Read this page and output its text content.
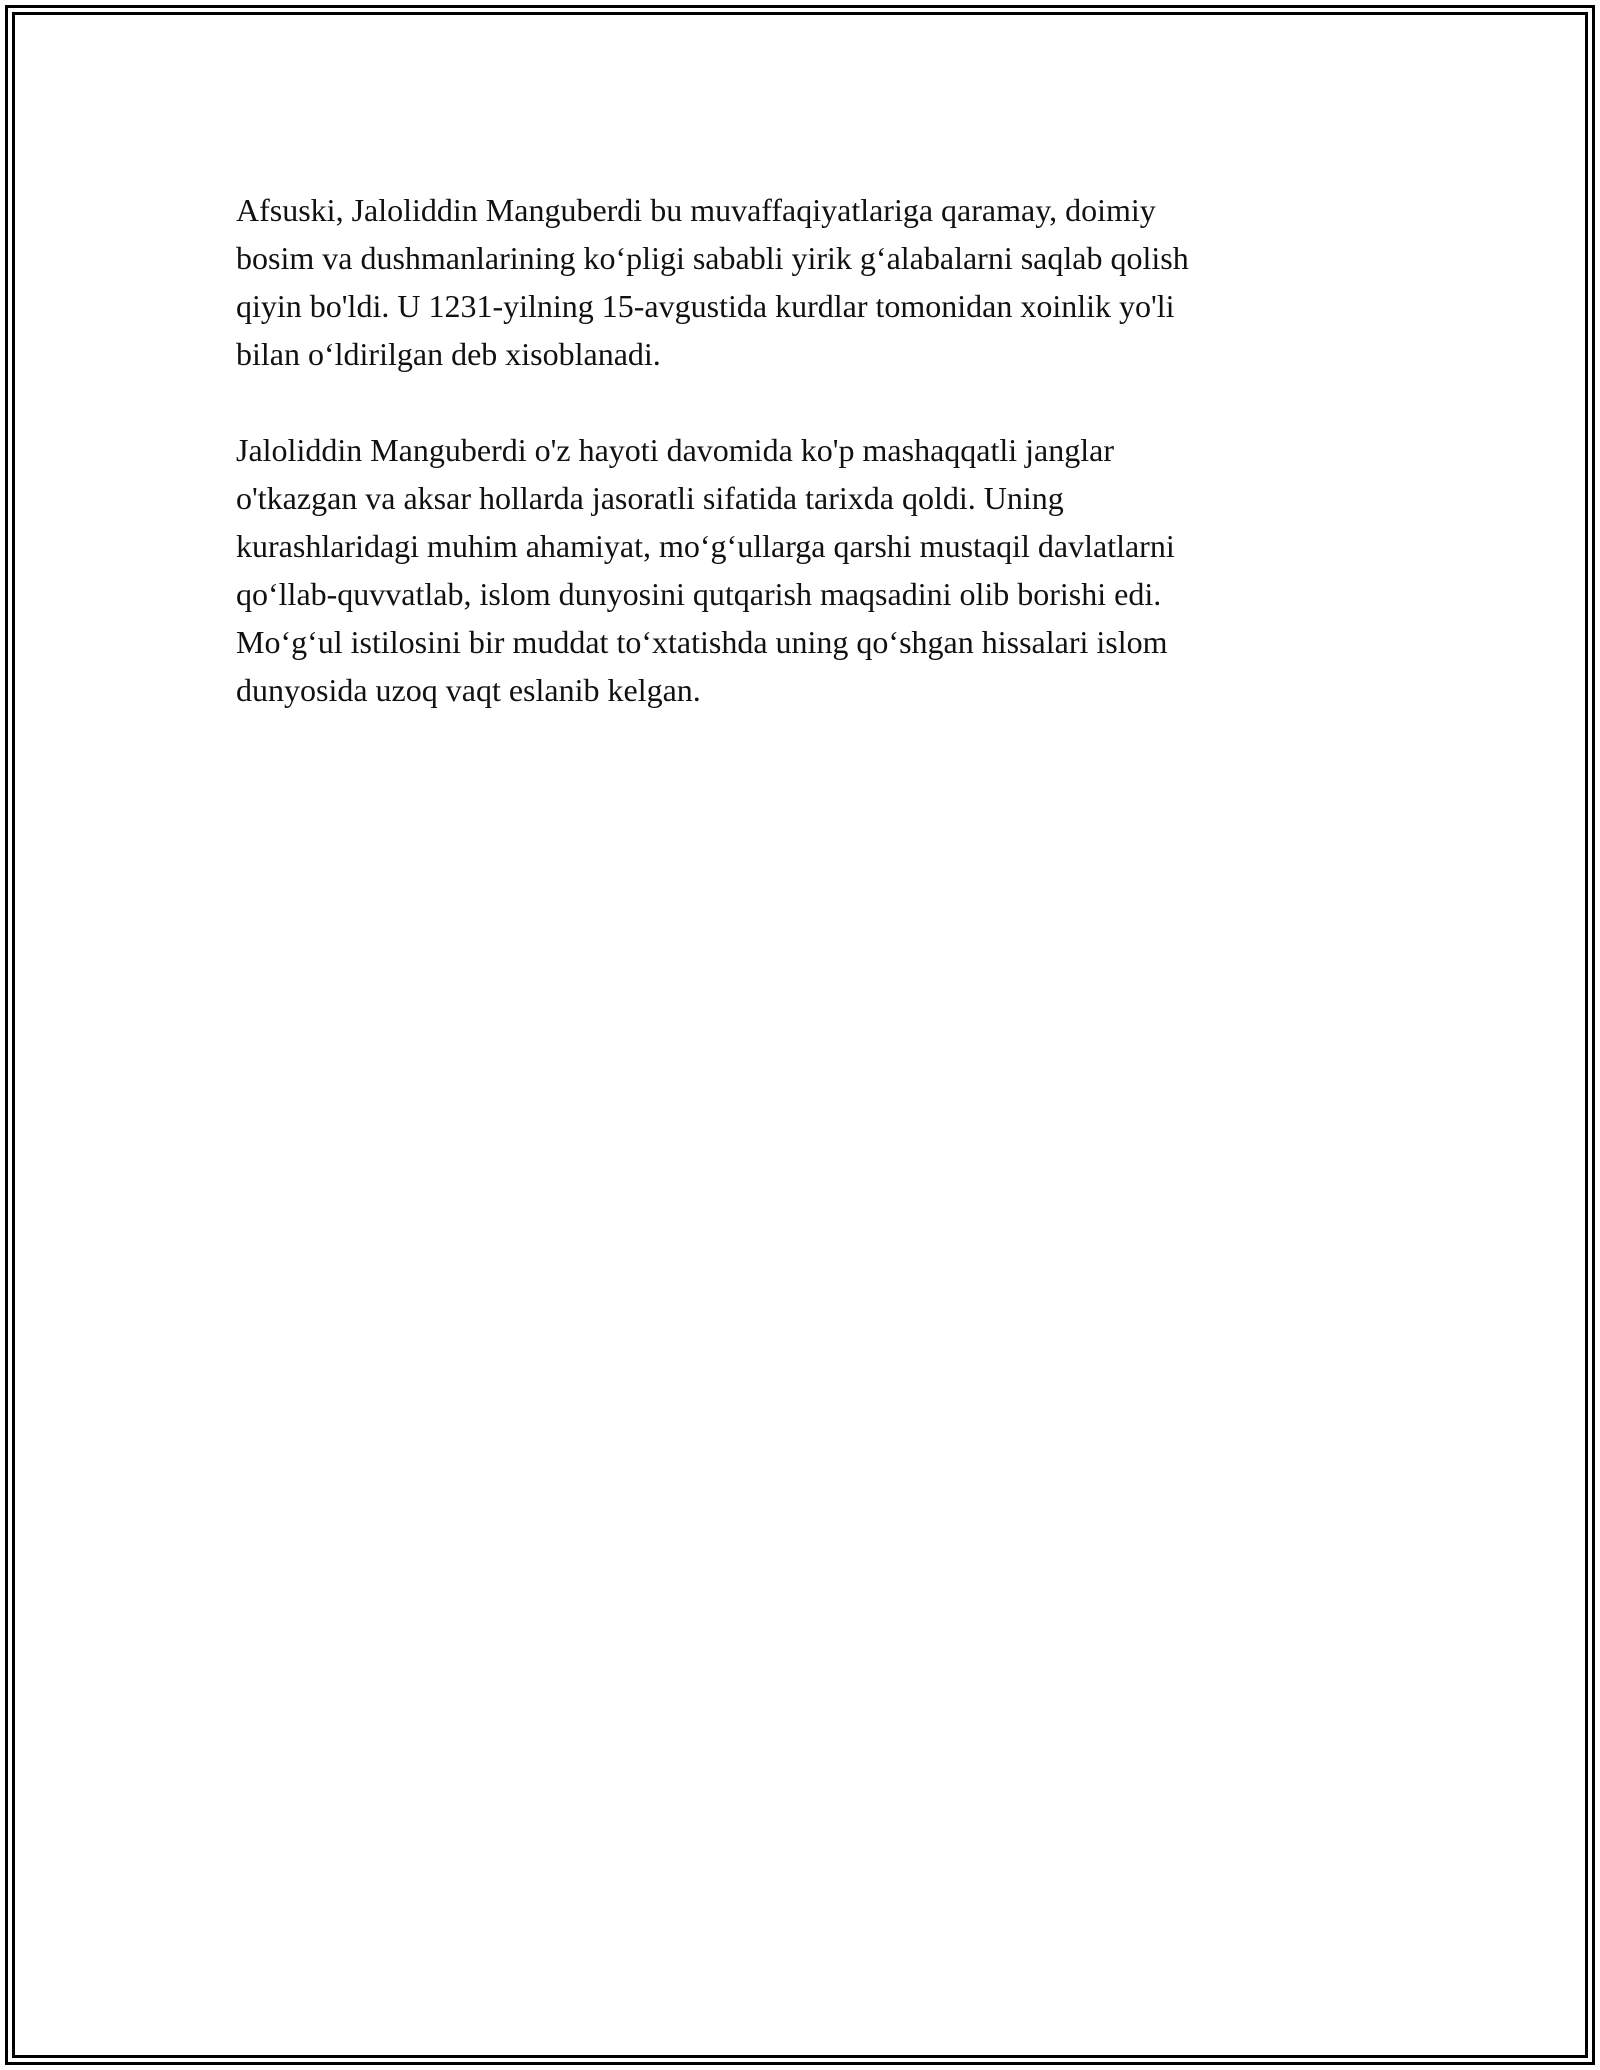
Afsuski, Jaloliddin Manguberdi bu muvaffaqiyatlariga qaramay, doimiy
bosim va dushmanlarining ko‘pligi sababli yirik g‘alabalarni saqlab qolish
qiyin bo'ldi. U 1231-yilning 15-avgustida kurdlar tomonidan xoinlik yo'li
bilan o‘ldirilgan deb xisoblanadi.

Jaloliddin Manguberdi o'z hayoti davomida ko'p mashaqqatli janglar
o'tkazgan va aksar hollarda jasoratli sifatida tarixda qoldi. Uning
kurashlaridagi muhim ahamiyat, mo‘g‘ullarga qarshi mustaqil davlatlarni
qo‘llab-quvvatlab, islom dunyosini qutqarish maqsadini olib borishi edi.
Mo‘g‘ul istilosini bir muddat to‘xtatishda uning qo‘shgan hissalari islom
dunyosida uzoq vaqt eslanib kelgan.
